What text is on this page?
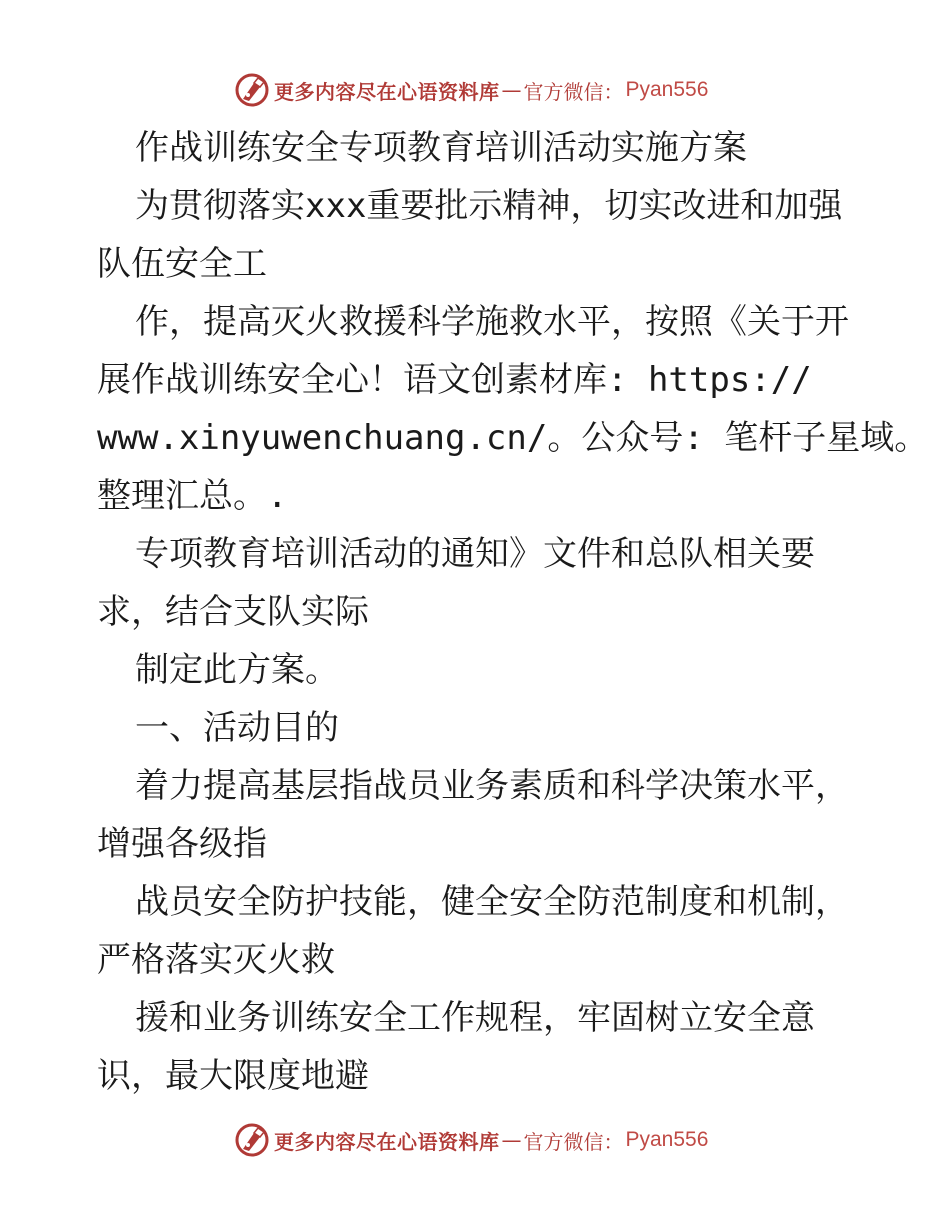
更多内容尽在心语资料库 — 官方微信： Pyan556
作战训练安全专项教育培训活动实施方案
为贯彻落实xxx重要批示精神，切实改进和加强
队伍安全工
作，提高灭火救援科学施救水平，按照《关于开
展作战训练安全心！语文创素材库: https://
www.xinyuwenchuang.cn/。公众号: 笔杆子星域。
整理汇总。.
专项教育培训活动的通知》文件和总队相关要
求，结合支队实际
制定此方案。
一、活动目的
着力提高基层指战员业务素质和科学决策水平，
增强各级指
战员安全防护技能，健全安全防范制度和机制，
严格落实灭火救
援和业务训练安全工作规程，牢固树立安全意
识，最大限度地避
更多内容尽在心语资料库 — 官方微信： Pyan556
